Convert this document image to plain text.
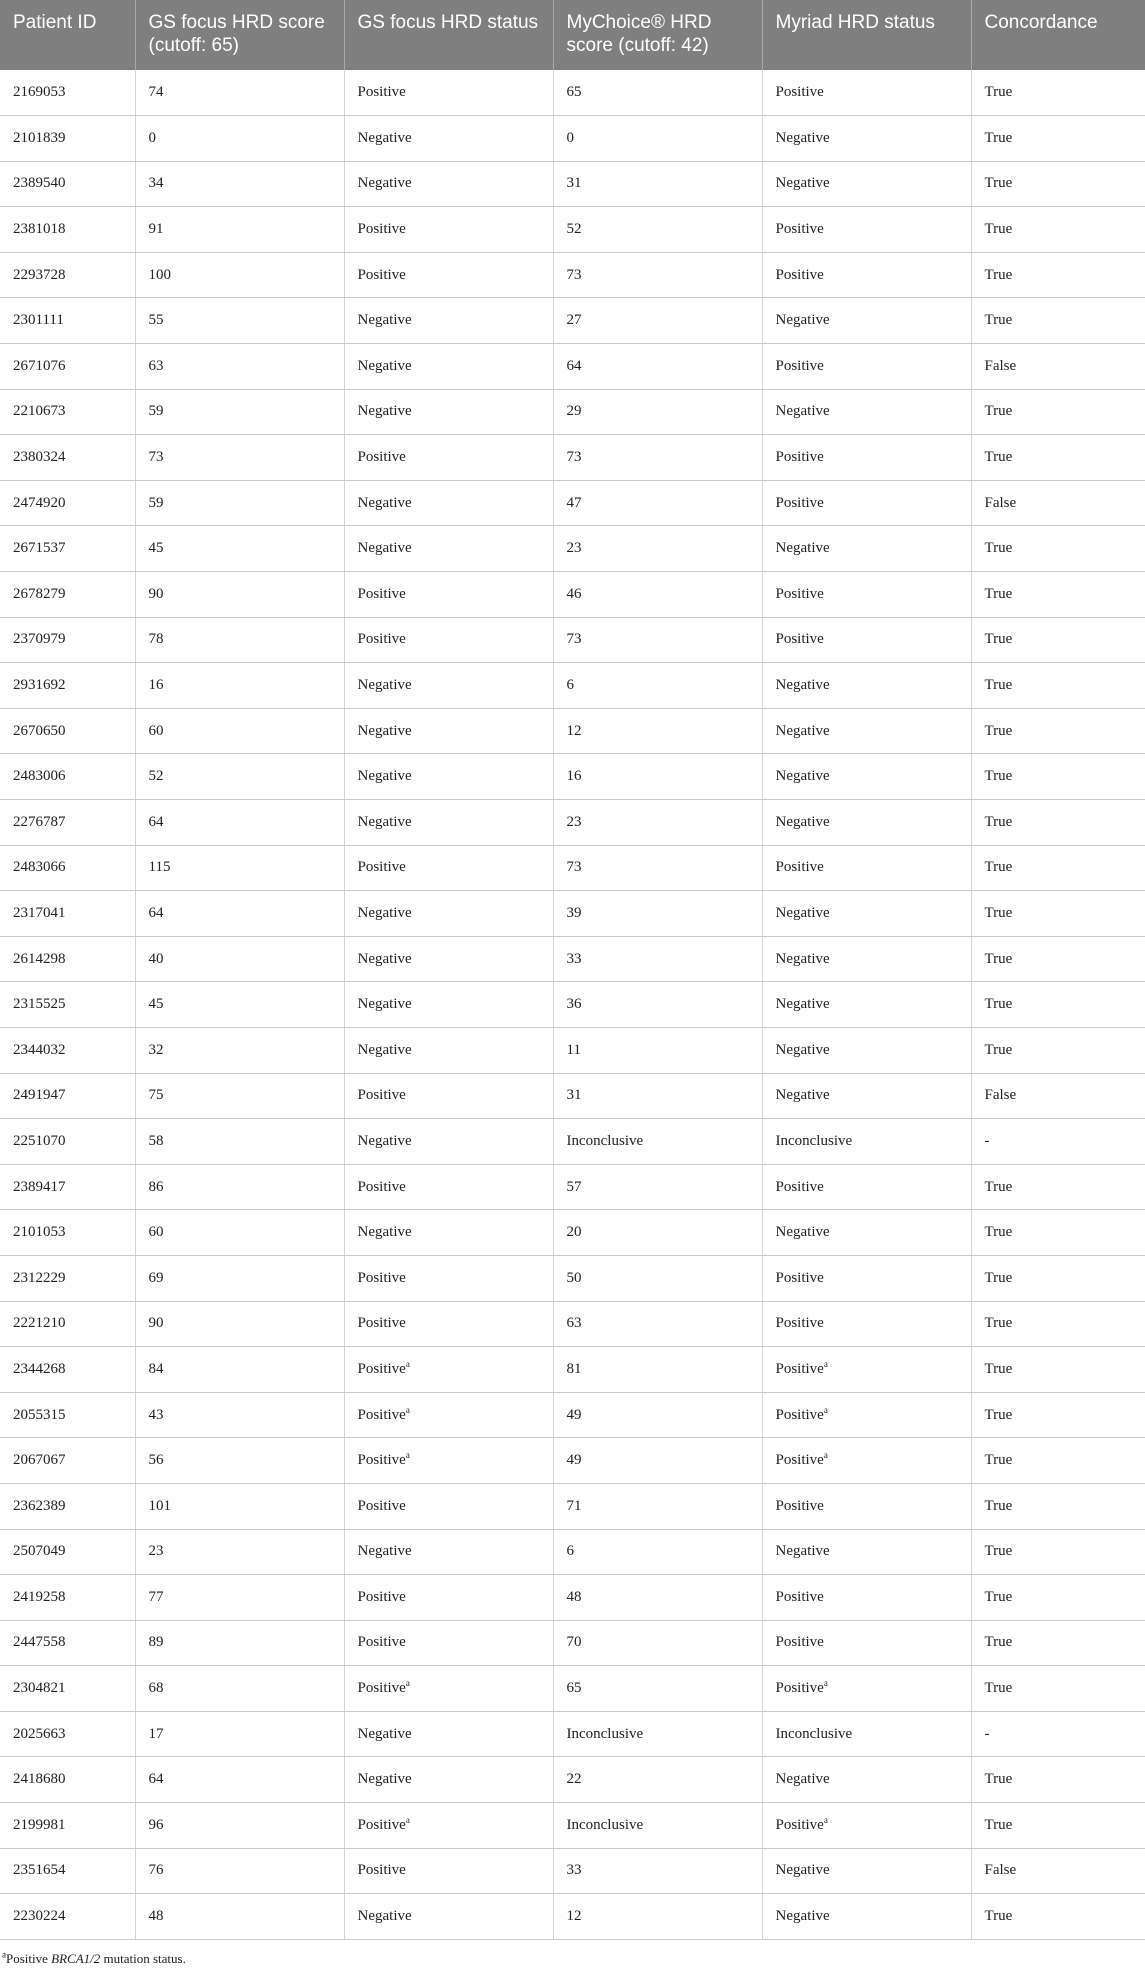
Patient ID	GS focus HRD score (cutoff: 65)	GS focus HRD status	MyChoice® HRD score (cutoff: 42)	Myriad HRD status	Concordance
2169053	74	Positive	65	Positive	True
2101839	0	Negative	0	Negative	True
2389540	34	Negative	31	Negative	True
2381018	91	Positive	52	Positive	True
2293728	100	Positive	73	Positive	True
2301111	55	Negative	27	Negative	True
2671076	63	Negative	64	Positive	False
2210673	59	Negative	29	Negative	True
2380324	73	Positive	73	Positive	True
2474920	59	Negative	47	Positive	False
2671537	45	Negative	23	Negative	True
2678279	90	Positive	46	Positive	True
2370979	78	Positive	73	Positive	True
2931692	16	Negative	6	Negative	True
2670650	60	Negative	12	Negative	True
2483006	52	Negative	16	Negative	True
2276787	64	Negative	23	Negative	True
2483066	115	Positive	73	Positive	True
2317041	64	Negative	39	Negative	True
2614298	40	Negative	33	Negative	True
2315525	45	Negative	36	Negative	True
2344032	32	Negative	11	Negative	True
2491947	75	Positive	31	Negative	False
2251070	58	Negative	Inconclusive	Inconclusive	-
2389417	86	Positive	57	Positive	True
2101053	60	Negative	20	Negative	True
2312229	69	Positive	50	Positive	True
2221210	90	Positive	63	Positive	True
2344268	84	Positive$^a$	81	Positive$^a$	True
2055315	43	Positive$^a$	49	Positive$^a$	True
2067067	56	Positive$^a$	49	Positive$^a$	True
2362389	101	Positive	71	Positive	True
2507049	23	Negative	6	Negative	True
2419258	77	Positive	48	Positive	True
2447558	89	Positive	70	Positive	True
2304821	68	Positive$^a$	65	Positive$^a$	True
2025663	17	Negative	Inconclusive	Inconclusive	-
2418680	64	Negative	22	Negative	True
2199981	96	Positive$^a$	Inconclusive	Positive$^a$	True
2351654	76	Positive	33	Negative	False
2230224	48	Negative	12	Negative	True
$^a$Positive BRCA1/2 mutation status.
